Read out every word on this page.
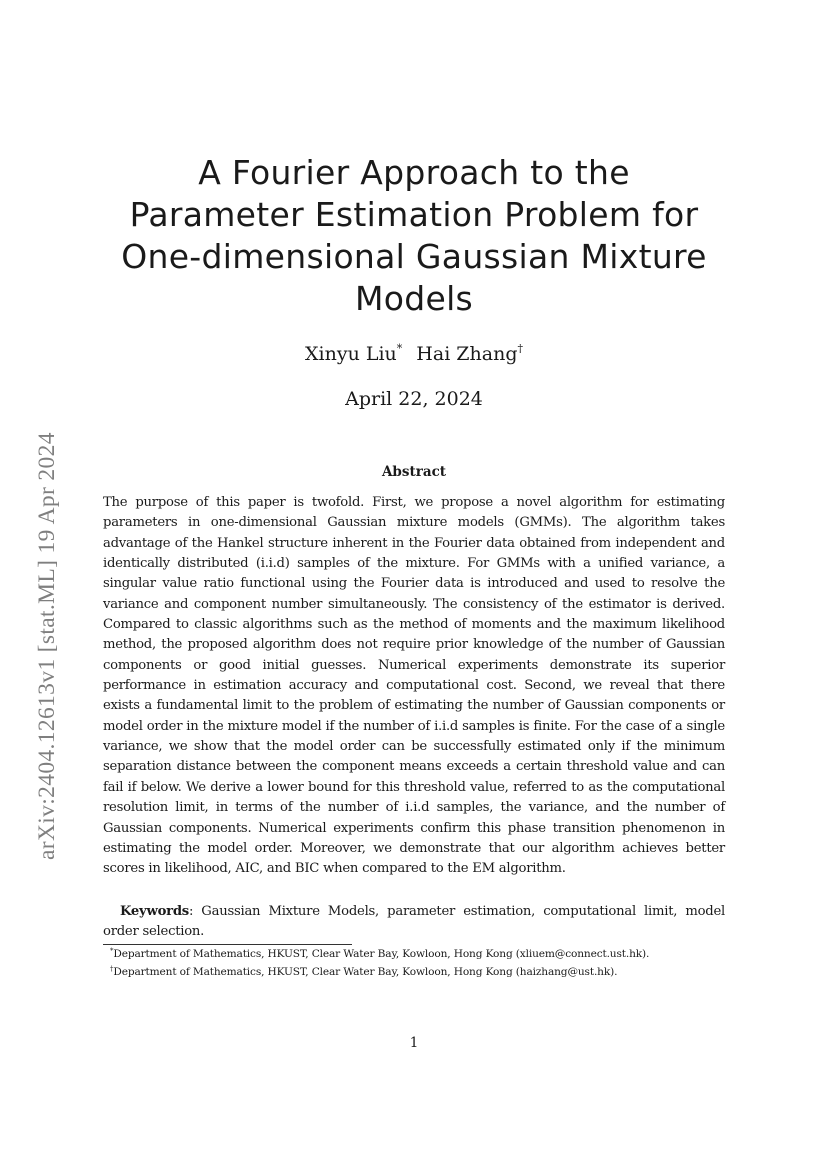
arXiv:2404.12613v1 [stat.ML] 19 Apr 2024
A Fourier Approach to the
Parameter Estimation Problem for
One-dimensional Gaussian Mixture
Models
Xinyu Liu* Hai Zhang†
April 22, 2024
Abstract
The purpose of this paper is twofold. First, we propose a novel algorithm for estimating parameters in one-dimensional Gaussian mixture models (GMMs). The algorithm takes advantage of the Hankel structure inherent in the Fourier data obtained from independent and identically distributed (i.i.d) samples of the mixture. For GMMs with a unified variance, a singular value ratio functional using the Fourier data is introduced and used to resolve the variance and component number simultaneously. The consistency of the estimator is derived. Compared to classic algorithms such as the method of moments and the maximum likelihood method, the proposed algorithm does not require prior knowledge of the number of Gaussian components or good initial guesses. Numerical experiments demonstrate its superior performance in estimation accuracy and computational cost. Second, we reveal that there exists a fundamental limit to the problem of estimating the number of Gaussian components or model order in the mixture model if the number of i.i.d samples is finite. For the case of a single variance, we show that the model order can be successfully estimated only if the minimum separation distance between the component means exceeds a certain threshold value and can fail if below. We derive a lower bound for this threshold value, referred to as the computational resolution limit, in terms of the number of i.i.d samples, the variance, and the number of Gaussian components. Numerical experiments confirm this phase transition phenomenon in estimating the model order. Moreover, we demonstrate that our algorithm achieves better scores in likelihood, AIC, and BIC when compared to the EM algorithm.
Keywords: Gaussian Mixture Models, parameter estimation, computational limit, model order selection.
*Department of Mathematics, HKUST, Clear Water Bay, Kowloon, Hong Kong (xliuem@connect.ust.hk).
†Department of Mathematics, HKUST, Clear Water Bay, Kowloon, Hong Kong (haizhang@ust.hk).
1
